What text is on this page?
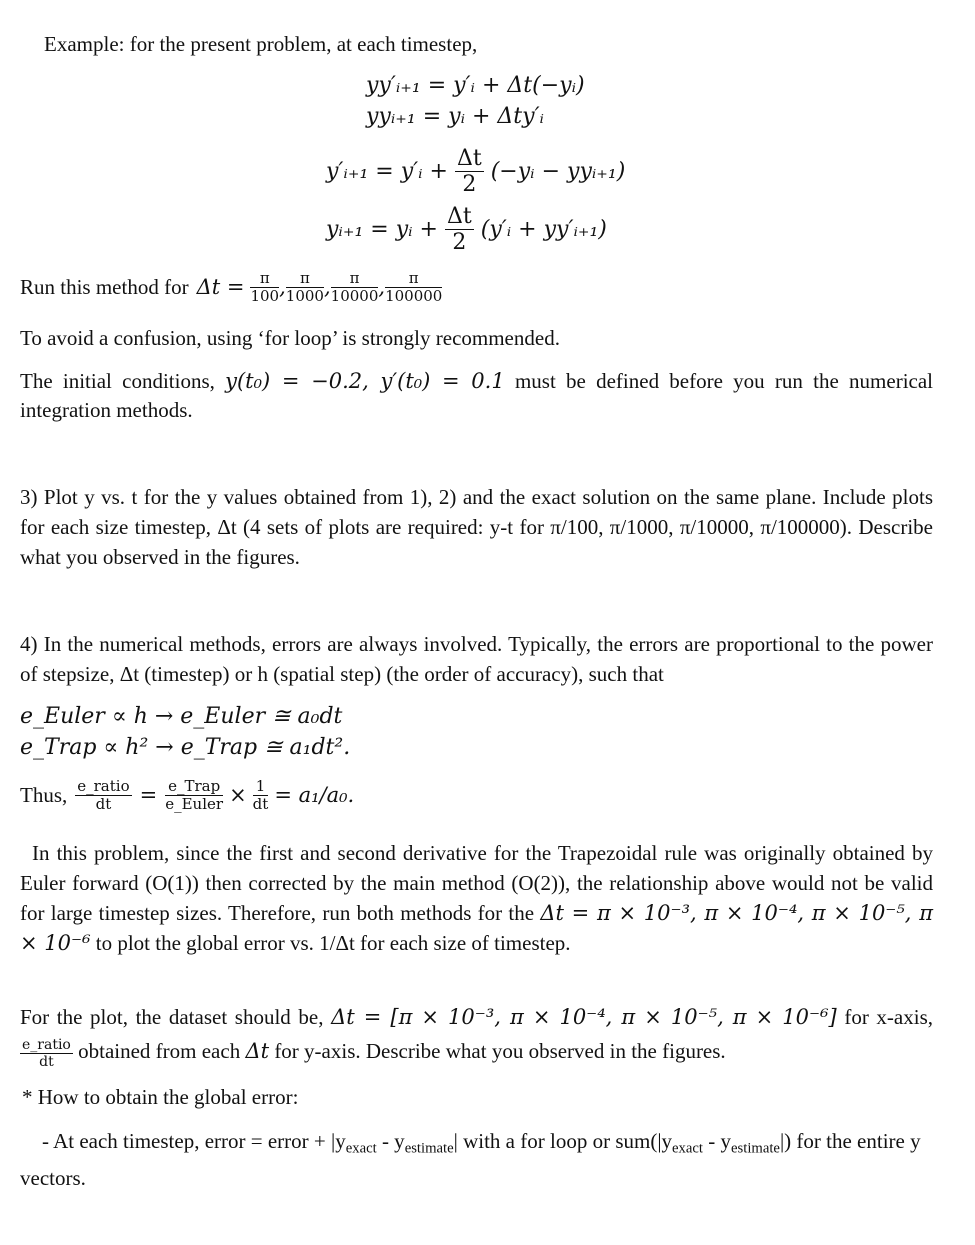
Example: for the present problem, at each timestep,
yy′ᵢ₊₁ = y′ᵢ + Δt(−yᵢ)
yyᵢ₊₁ = yᵢ + Δty′ᵢ
y′ᵢ₊₁ = y′ᵢ + $\frac{\Delta t}{2}$ (−yᵢ − yyᵢ₊₁)
yᵢ₊₁ = yᵢ + $\frac{\Delta t}{2}$ (y′ᵢ + yy′ᵢ₊₁)
Run this method for $\Delta t = \frac{\pi}{100}$ , $\frac{\pi}{1000}$ , $\frac{\pi}{10000}$ , $\frac{\pi}{100000}$
To avoid a confusion, using ‘for loop’ is strongly recommended.
The initial conditions, y(t₀) = −0.2, y′(t₀) = 0.1 must be defined before you run the numerical integration methods.
3) Plot y vs. t for the y values obtained from 1), 2) and the exact solution on the same plane. Include plots for each size timestep, Δt (4 sets of plots are required: y-t for π/100, π/1000, π/10000, π/100000). Describe what you observed in the figures.
4) In the numerical methods, errors are always involved. Typically, the errors are proportional to the power of stepsize, Δt (timestep) or h (spatial step) (the order of accuracy), such that
e_Euler ∝ h → e_Euler ≅ a₀dt
e_Trap ∝ h² → e_Trap ≅ a₁dt².
Thus, $\frac{\text{e\_ratio}}{dt} = \frac{\text{e\_Trap}}{\text{e\_Euler}} \times \frac{1}{dt} = a_1/a_0$.
In this problem, since the first and second derivative for the Trapezoidal rule was originally obtained by Euler forward (O(1)) then corrected by the main method (O(2)), the relationship above would not be valid for large timestep sizes. Therefore, run both methods for the Δt = π × 10⁻³, π × 10⁻⁴, π × 10⁻⁵, π × 10⁻⁶ to plot the global error vs. 1/Δt for each size of timestep.
For the plot, the dataset should be, Δt = [π × 10⁻³, π × 10⁻⁴, π × 10⁻⁵, π × 10⁻⁶] for x-axis,
$\frac{\text{e\_ratio}}{dt}$ obtained from each Δt for y-axis. Describe what you observed in the figures.
* How to obtain the global error:
- At each timestep, error = error + $|y_{exact} - y_{estimate}|$ with a for loop or $sum(|y_{exact} - y_{estimate}|)$ for the entire y vectors.
